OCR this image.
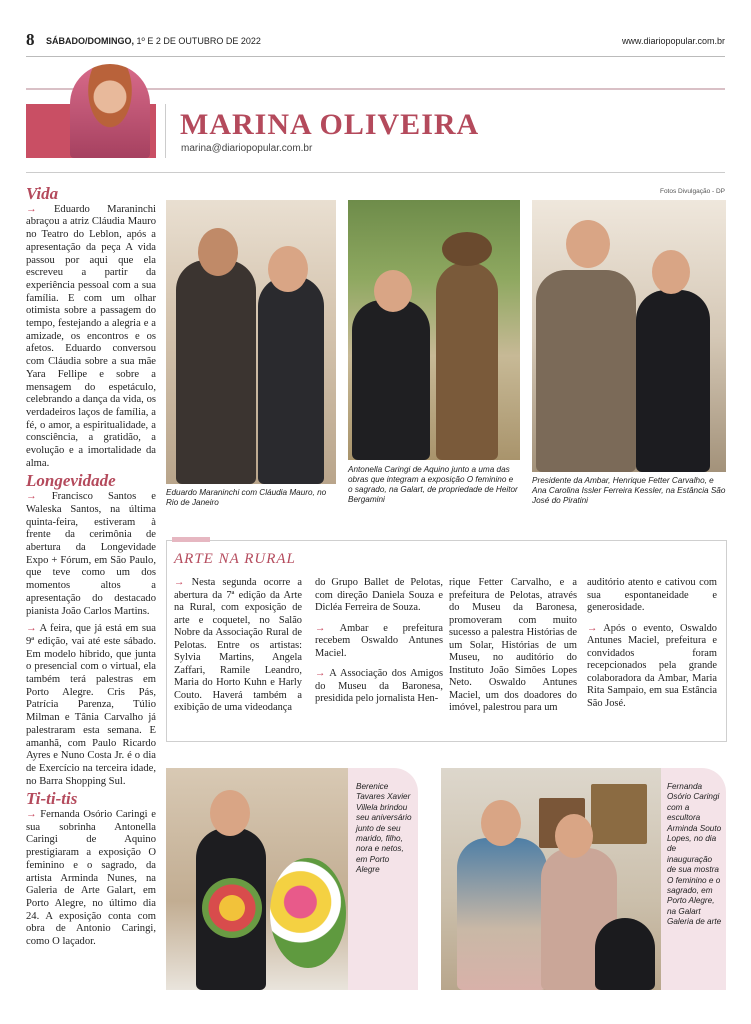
8 SÁBADO/DOMINGO, 1º E 2 DE OUTUBRO DE 2022	www.diariopopular.com.br
MARINA OLIVEIRA
marina@diariopopular.com.br
Vida

→ Eduardo Maraninchi abraçou a atriz Cláudia Mauro no Teatro do Leblon, após a apresentação da peça A vida passou por aqui que ela escreveu a partir da experiência pessoal com a sua família. E com um olhar otimista sobre a passagem do tempo, festejando a alegria e a amizade, os encontros e os afetos. Eduardo conversou com Cláudia sobre a sua mãe Yara Fellipe e sobre a mensagem do espetáculo, celebrando a dança da vida, os verdadeiros laços de família, a fé, o amor, a espiritualidade, a consciência, a gratidão, a evolução e a imortalidade da alma.

Longevidade

→ Francisco Santos e Waleska Santos, na última quinta-feira, estiveram à frente da cerimônia de abertura da Longevidade Expo + Fórum, em São Paulo, que teve como um dos momentos altos a apresentação do destacado pianista João Carlos Martins.

→ A feira, que já está em sua 9ª edição, vai até este sábado. Em modelo híbrido, que junta o presencial com o virtual, ela também terá palestras em Porto Alegre. Cris Pás, Patrícia Parenza, Túlio Milman e Tânia Carvalho já palestraram esta semana. E amanhã, com Paulo Ricardo Ayres e Nuno Costa Jr. é o dia de Exercício na terceira idade, no Barra Shopping Sul.

Ti-ti-tis

→ Fernanda Osório Caringi e sua sobrinha Antonella Caringi de Aquino prestigiaram a exposição O feminino e o sagrado, da artista Arminda Nunes, na Galeria de Arte Galart, em Porto Alegre, no último dia 24. A exposição conta com obra de Antonio Caringi, como O laçador.

Fotos Divulgação - DP
Eduardo Maraninchi com Cláudia Mauro, no Rio de Janeiro
Antonella Caringi de Aquino junto a uma das obras que integram a exposição O feminino e o sagrado, na Galart, de propriedade de Heitor Bergamini
Presidente da Ambar, Henrique Fetter Carvalho, e Ana Carolina Issler Ferreira Kessler, na Estância São José do Piratini
ARTE NA RURAL

→ Nesta segunda ocorre a abertura da 7ª edição da Arte na Rural, com exposição de arte e coquetel, no Salão Nobre da Associação Rural de Pelotas. Entre os artistas: Sylvia Martins, Angela Zaffari, Ramile Leandro, Maria do Horto Kuhn e Harly Couto. Haverá também a exibição de uma videodança

do Grupo Ballet de Pelotas, com direção Daniela Souza e Dicléa Ferreira de Souza.

→ Ambar e prefeitura recebem Oswaldo Antunes Maciel.

→ A Associação dos Amigos do Museu da Baronesa, presidida pelo jornalista Hen-

rique Fetter Carvalho, e a prefeitura de Pelotas, através do Museu da Baronesa, promoveram com muito sucesso a palestra Histórias de um Solar, Histórias de um Museu, no auditório do Instituto João Simões Lopes Neto. Oswaldo Antunes Maciel, um dos doadores do imóvel, palestrou para um

auditório atento e cativou com sua espontaneidade e generosidade.

→ Após o evento, Oswaldo Antunes Maciel, prefeitura e convidados foram recepcionados pela grande colaboradora da Ambar, Maria Rita Sampaio, em sua Estância São José.

Berenice Tavares Xavier Villela brindou seu aniversário junto de seu marido, filho, nora e netos, em Porto Alegre
Fernanda Osório Caringi com a escultora Arminda Souto Lopes, no dia de inauguração de sua mostra O feminino e o sagrado, em Porto Alegre, na Galart Galeria de arte
